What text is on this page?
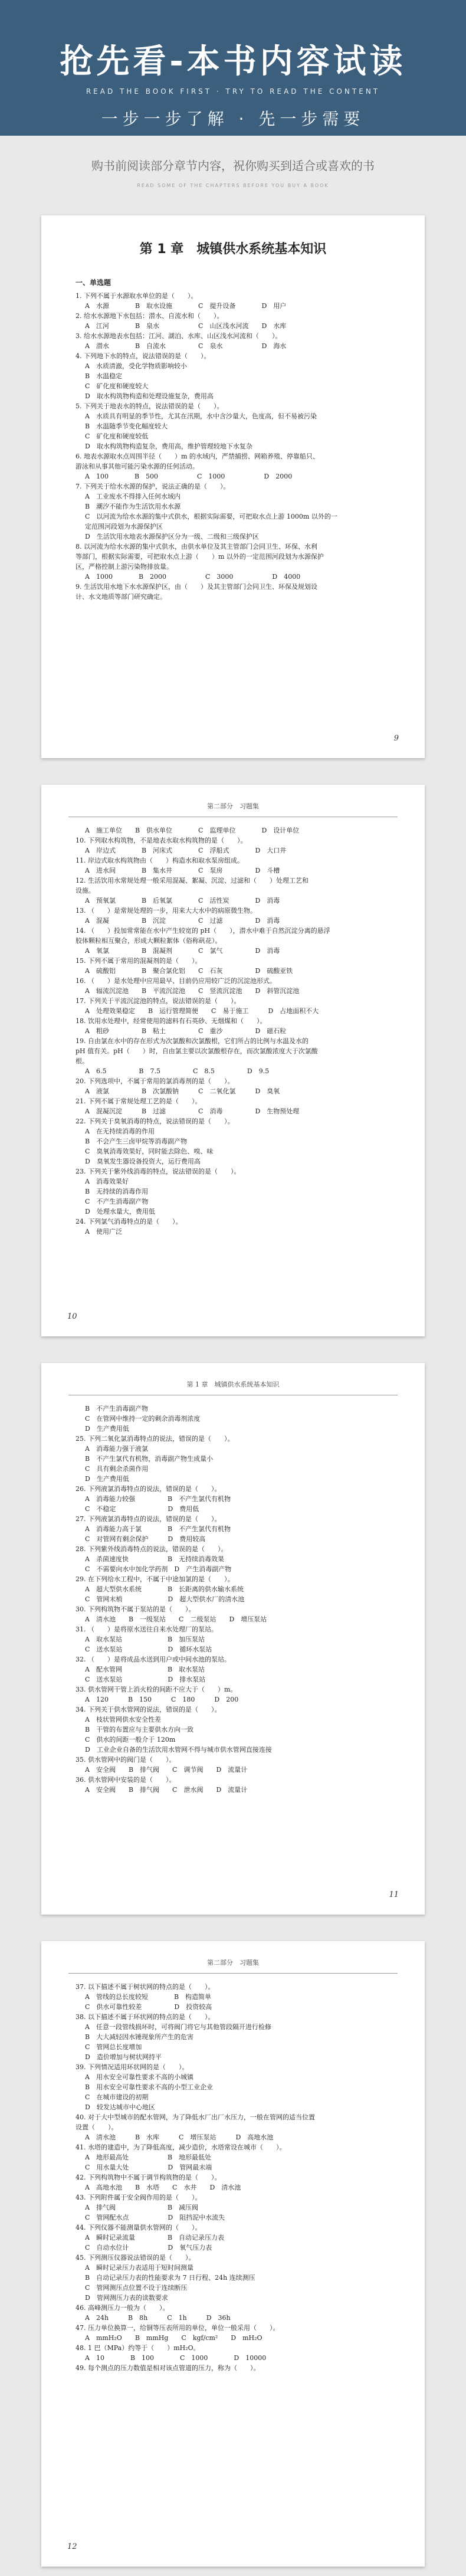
抢先看-本书内容试读
READ THE BOOK FIRST · TRY TO READ THE CONTENT
一步一步了解 · 先一步需要
购书前阅读部分章节内容，祝你购买到适合或喜欢的书
READ SOME OF THE CHAPTERS BEFORE YOU BUY A BOOK
第 1 章　城镇供水系统基本知识
一、单选题
1. 下列不属于水源取水单位的是（　　）。
A　水源　　　　B　取水设施　　　　C　提升设备　　　　D　用户
2. 给水水源地下水包括：潜水、自流水和（　　）。
A　江河　　　　B　泉水　　　　　　C　山区浅水河流　　D　水库
3. 给水水源地表水包括：江河、湖泊、水库、山区浅水河流和（　　）。
A　潜水　　　　B　自流水　　　　　C　泉水　　　　　　D　海水
4. 下列地下水的特点，说法错误的是（　　）。
A　水质清澈，受化学物质影响较小
B　水温稳定
C　矿化度和硬度较大
D　取水构筑物构造和处理设施复杂，费用高
5. 下列关于地表水的特点，说法错误的是（　　）。
A　水质具有明显的季节性，尤其在汛期，水中含沙量大，色度高，但不易被污染
B　水温随季节变化幅度较大
C　矿化度和硬度较低
D　取水构筑物构造复杂，费用高，维护管理较地下水复杂
6. 地表水源取水点周围半径（　　）m 的水域内，严禁捕捞、网箱养殖、停靠船只、
游泳和从事其他可能污染水源的任何活动。
A　100　　　　B　500　　　　　　C　1000　　　　　　D　2000
7. 下列关于给水水源的保护，说法正确的是（　　）。
A　工业废水不得排入任何水域内
B　潮汐不能作为生活饮用水水源
C　以河流为给水水源的集中式供水，根据实际需要，可把取水点上游 1000m 以外的一
定范围河段划为水源保护区
D　生活饮用水地表水源保护区分为一级、二级和三级保护区
8. 以河流为给水水源的集中式供水，由供水单位及其主管部门会同卫生、环保、水利
等部门，根据实际需要，可把取水点上游（　　）m 以外的一定范围河段划为水源保护
区，严格控制上游污染物排放量。
A　1000　　　　B　2000　　　　　　C　3000　　　　　　D　4000
9. 生活饮用水地下水水源保护区，由（　　）及其主管部门会同卫生、环保及规划设
计、水文地质等部门研究确定。
9
第二部分　习题集
A　施工单位　　B　供水单位　　　　C　监理单位　　　　D　设计单位
10. 下列取水构筑物，不是地表水取水构筑物的是（　　）。
A　岸边式　　　　B　河床式　　　　C　浮船式　　　　D　大口井
11. 岸边式取水构筑物由（　　）构造水和取水泵房组成。
A　进水间　　　　B　集水井　　　　C　泵房　　　　　D　斗槽
12. 生活饮用水常规处理一般采用混凝、絮凝、沉淀、过滤和（　　）处理工艺和
设施。
A　预氧氯　　　　B　后氧氯　　　　C　活性炭　　　　D　消毒
13. （　　）是常规处理的一步，用来大大水中的病原微生物。
A　混凝　　　　　B　沉淀　　　　　C　过滤　　　　　D　消毒
14. （　　）投加常常能在水中产生较宽的 pH（　　），潜水中难于自然沉淀分离的悬浮
胶体颗粒相互聚合，形成大颗粒絮体（俗称矾花）。
A　氧氯　　　　　B　混凝剂　　　　C　氯气　　　　　D　消毒
15. 下列不属于常用的混凝剂的是（　　）。
A　硫酸铝　　　　B　聚合氯化铝　　C　石灰　　　　　D　硫酸亚铁
16. （　　）是水处理中应用最早、目前仍应用较广泛的沉淀池形式。
A　辐流沉淀池　　B　平流沉淀池　　C　竖流沉淀池　　D　斜管沉淀池
17. 下列关于平流沉淀池的特点，说法错误的是（　　）。
A　处理效果稳定　　B　运行管理简便　　C　易于施工　　　D　占地面积不大
18. 饮用水处理中，经常使用的滤料有石英砂、无烟煤和（　　）。
A　粗砂　　　　　B　粘土　　　　　C　重沙　　　　　D　磁石粒
19. 自由氯在水中的存在形式为次氯酸和次氯酸根，它们所占的比例与水温及水的
pH 值有关。pH（　　）时，自由氯主要以次氯酸根存在，而次氯酸浓度大于次氯酸
根。
A　6.5　　　　　B　7.5　　　　　C　8.5　　　　　D　9.5
20. 下列选项中，不属于常用的氯消毒剂的是（　　）。
A　液氯　　　　　B　次氯酸钠　　　C　二氧化氯　　　D　臭氧
21. 下列不属于常规处理工艺的是（　　）。
A　混凝沉淀　　　B　过滤　　　　　C　消毒　　　　　D　生物预处理
22. 下列关于臭氧消毒的特点，说法错误的是（　　）。
A　在无持续消毒的作用
B　不会产生三卤甲烷等消毒副产物
C　臭氧消毒效果好，同时能去除色、嗅、味
D　臭氧发生器设备投资大，运行费用高
23. 下列关于紫外线消毒的特点，说法错误的是（　　）。
A　消毒效果好
B　无持续的消毒作用
C　不产生消毒副产物
D　处理水量大，费用低
24. 下列氯气消毒特点的是（　　）。
A　使用广泛
10
第 1 章　城镇供水系统基本知识
B　不产生消毒副产物
C　在管网中维持一定的剩余消毒剂浓度
D　生产费用低
25. 下列二氧化氯消毒特点的说法，错误的是（　　）。
A　消毒能力强于液氯
B　不产生氯代有机物，消毒副产物生成量小
C　具有剩余杀菌作用
D　生产费用低
26. 下列液氯消毒特点的说法，错误的是（　　）。
A　消毒能力较强　　　　　B　不产生氯代有机物
C　不稳定　　　　　　　　D　费用低
27. 下列液氯消毒特点的说法，错误的是（　　）。
A　消毒能力高于氯　　　　B　不产生氯代有机物
C　对管网有剩余保护　　　D　费用较高
28. 下列紫外线消毒特点的说法，错误的是（　　）。
A　杀菌速度快　　　　　　B　无持续消毒效果
C　不需要向水中加化学药剂　D　产生消毒副产物
29. 在下列给水工程中，不属于中途加氯的是（　　）。
A　超大型供水系统　　　　B　长距离的供水输水系统
C　管网末梢　　　　　　　D　超大型供水厂的清水池
30. 下列构筑物不属于泵站的是（　　）。
A　清水池　　B　一级泵站　　C　二级泵站　　D　增压泵站
31. （　　）是将原水送往自来水处理厂的泵站。
A　取水泵站　　　　　　　B　加压泵站
C　送水泵站　　　　　　　D　循环水泵站
32. （　　）是将成品水送到用户或中间水池的泵站。
A　配水管网　　　　　　　B　取水泵站
C　送水泵站　　　　　　　D　排水泵站
33. 供水管网干管上消火栓的间距不应大于（　　）m。
A　120　　　B　150　　　C　180　　　D　200
34. 下列关于供水管网的说法，错误的是（　　）。
A　枝状管网供水安全性差
B　干管的布置应与主要供水方向一致
C　供水的间距一般介于 120m
D　工业企业自备的生活饮用水管网不得与城市供水管网直接连接
35. 供水管网中的阀门是（　　）。
A　安全阀　　B　排气阀　　C　调节阀　　D　流量计
36. 供水管网中安装的是（　　）。
A　安全阀　　B　排气阀　　C　泄水阀　　D　流量计
11
第二部分　习题集
37. 以下描述不属于树状网的特点的是（　　）。
A　管线的总长度较短　　　　B　构造简单
C　供水可靠性较差　　　　　D　投资较高
38. 以下描述不属于环状网的特点的是（　　）。
A　任意一段管线损坏时，可将阀门将它与其他管段隔开进行检修
B　大大减轻因水锤现象所产生的危害
C　管网总长度增加
D　造价增加与树状网持平
39. 下列情况适用环状网的是（　　）。
A　用水安全可靠性要求不高的小城镇
B　用水安全可靠性要求不高的小型工业企业
C　在城市建设的初期
D　较发达城市中心地区
40. 对于大中型城市的配水管网，为了降低水厂出厂水压力，一般在管网的适当位置
设置（　　）。
A　清水池　　　B　水库　　　C　增压泵站　　　D　高地水池
41. 水塔的建造中，为了降低高度，减少造价，水塔常设在城市（　　）。
A　地形最高处　　　　　　B　地形最低处
C　用水量大处　　　　　　D　管网最末端
42. 下列构筑物中不属于调节构筑物的是（　　）。
A　高地水池　　B　水塔　　C　水井　　D　清水池
43. 下列附件属于安全阀作用的是（　　）。
A　排气阀　　　　　　　　B　减压阀
C　管网配水点　　　　　　D　阻挡泥中水流失
44. 下列仪器不能测量供水管网的（　　）。
A　瞬时记录流量　　　　　B　自动记录压力表
C　自动水位计　　　　　　D　氧气压力表
45. 下列测压仪器说法错误的是（　　）。
A　瞬时记录压力表适用于短时间测量
B　自动记录压力表的性能要求为 7 日行程、24h 连续测压
C　管网测压点位置不设于连续断压
D　管网测压力表的读数要求
46. 高峰测压力一般为（　　）。
A　24h　　　B　8h　　　C　1h　　　D　36h
47. 压力单位换算一，给铜等压表所用的单位，单位一般采用（　　）。
A　mmH₂O　　B　mmHg　　C　kgf/cm²　　D　mH₂O
48. 1 巴（MPa）约等于（　　）mH₂O。
A　10　　　　B　100　　　　C　1000　　　　D　10000
49. 每个测点的压力数值是相对该点管道的压力，称为（　　）。
12
